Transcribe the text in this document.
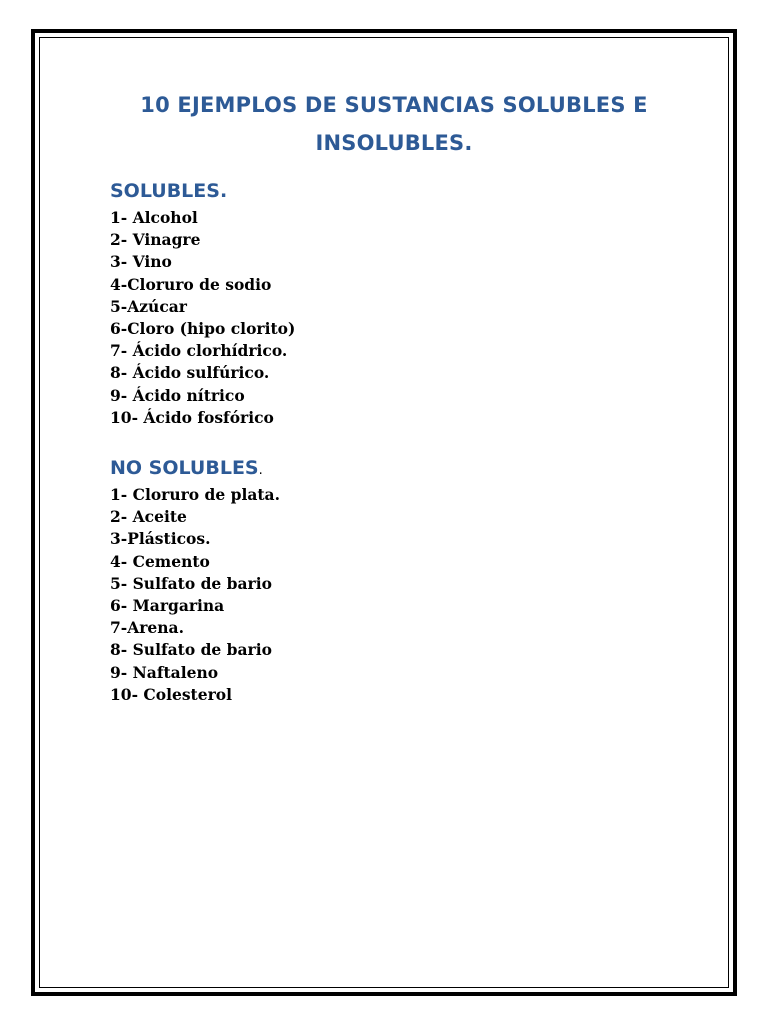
10 EJEMPLOS DE SUSTANCIAS SOLUBLES E INSOLUBLES.
SOLUBLES.
1- Alcohol
2- Vinagre
3- Vino
4-Cloruro de sodio
5-Azúcar
6-Cloro (hipo clorito)
7- Ácido clorhídrico.
8- Ácido sulfúrico.
9- Ácido nítrico
10- Ácido fosfórico
NO SOLUBLES.
1- Cloruro de plata.
2- Aceite
3-Plásticos.
4- Cemento
5- Sulfato de bario
6- Margarina
7-Arena.
8- Sulfato de bario
9- Naftaleno
10- Colesterol
